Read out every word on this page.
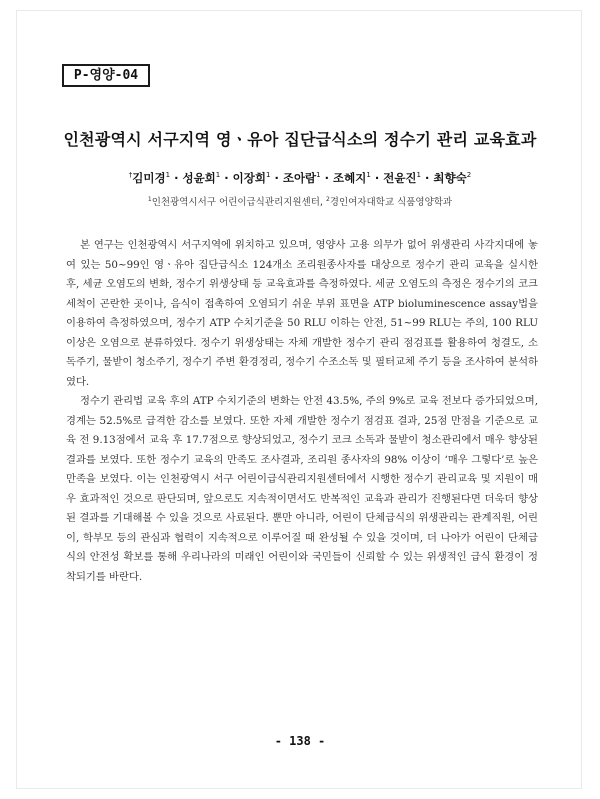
P-영양-04
인천광역시 서구지역 영ㆍ유아 집단급식소의 정수기 관리 교육효과
†김미경$^1$ · 성윤희$^1$ · 이장희$^1$ · 조아람$^1$ · 조혜지$^1$ · 전윤진$^1$ · 최향숙$^2$
$^1$인천광역시서구 어린이급식관리지원센터, $^2$경인여자대학교 식품영양학과

본 연구는 인천광역시 서구지역에 위치하고 있으며, 영양사 고용 의무가 없어 위생관리 사각지대에 놓여 있는 50~99인 영ㆍ유아 집단급식소 124개소 조리원종사자를 대상으로 정수기 관리 교육을 실시한 후, 세균 오염도의 변화, 정수기 위생상태 등 교육효과를 측정하였다. 세균 오염도의 측정은 정수기의 코크 세척이 곤란한 곳이나, 음식이 접촉하여 오염되기 쉬운 부위 표면을 ATP bioluminescence assay법을 이용하여 측정하였으며, 정수기 ATP 수치기준을 50 RLU 이하는 안전, 51~99 RLU는 주의, 100 RLU 이상은 오염으로 분류하였다. 정수기 위생상태는 자체 개발한 정수기 관리 점검표를 활용하여 청결도, 소독주기, 물받이 청소주기, 정수기 주변 환경정리, 정수기 수조소독 및 필터교체 주기 등을 조사하여 분석하였다.

정수기 관리법 교육 후의 ATP 수치기준의 변화는 안전 43.5%, 주의 9%로 교육 전보다 증가되었으며, 경계는 52.5%로 급격한 감소를 보였다. 또한 자체 개발한 정수기 점검표 결과, 25점 만점을 기준으로 교육 전 9.13점에서 교육 후 17.7점으로 향상되었고, 정수기 코크 소독과 물받이 청소관리에서 매우 향상된 결과를 보였다. 또한 정수기 교육의 만족도 조사결과, 조리원 종사자의 98% 이상이 ‘매우 그렇다’로 높은 만족을 보였다. 이는 인천광역시 서구 어린이급식관리지원센터에서 시행한 정수기 관리교육 및 지원이 매우 효과적인 것으로 판단되며, 앞으로도 지속적이면서도 반복적인 교육과 관리가 진행된다면 더욱더 향상된 결과를 기대해볼 수 있을 것으로 사료된다. 뿐만 아니라, 어린이 단체급식의 위생관리는 관계직원, 어린이, 학부모 등의 관심과 협력이 지속적으로 이루어질 때 완성될 수 있을 것이며, 더 나아가 어린이 단체급식의 안전성 확보를 통해 우리나라의 미래인 어린이와 국민들이 신뢰할 수 있는 위생적인 급식 환경이 정착되기를 바란다.

- 138 -
